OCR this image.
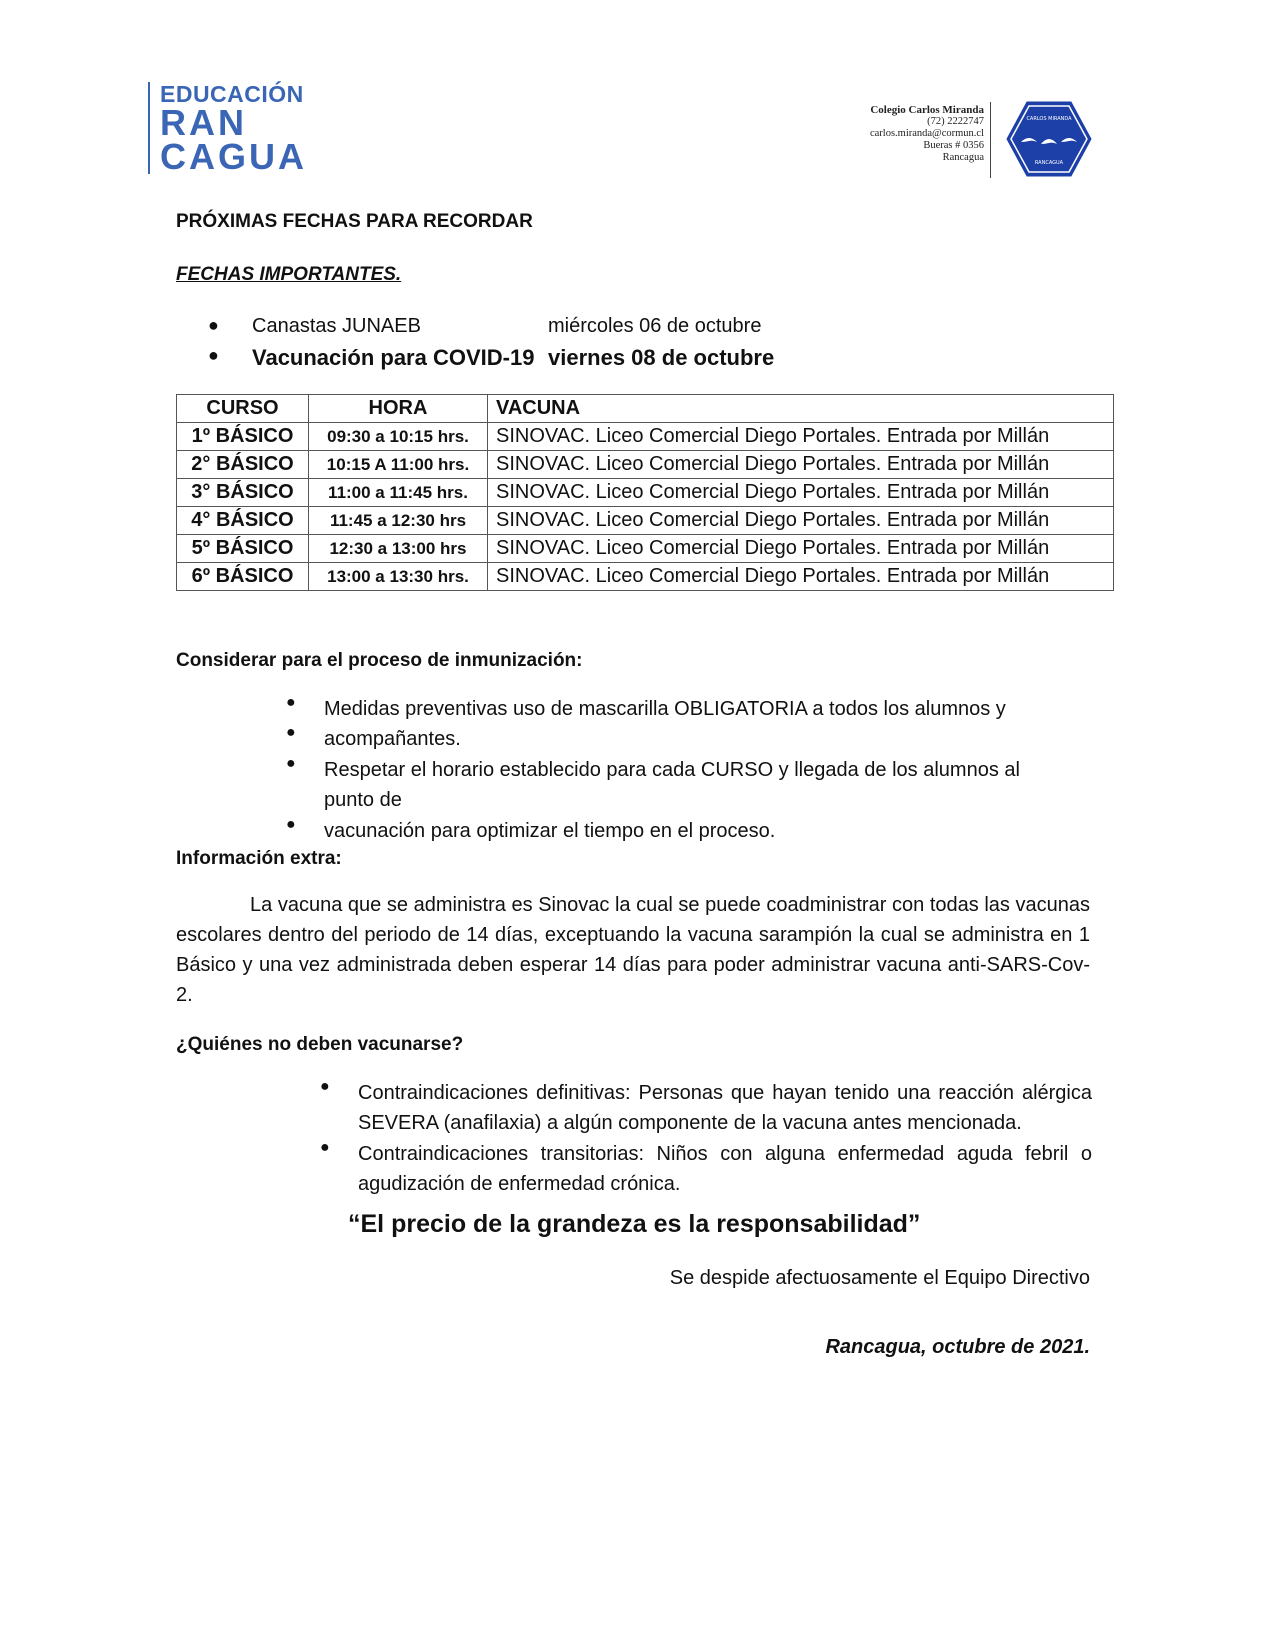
EDUCACIÓN
RAN
CAGUA
Colegio Carlos Miranda
(72) 2222747
carlos.miranda@cormun.cl
Bueras # 0356
Rancagua
CARLOS MIRANDA
RANCAGUA
PRÓXIMAS FECHAS PARA RECORDAR
FECHAS IMPORTANTES.
● Canastas JUNAEB	miércoles 06 de octubre
● Vacunación para COVID-19 viernes 08 de octubre
CURSO	HORA	VACUNA
1º BÁSICO	09:30 a 10:15 hrs.	SINOVAC. Liceo Comercial Diego Portales. Entrada por Millán
2° BÁSICO	10:15 A 11:00 hrs.	SINOVAC. Liceo Comercial Diego Portales. Entrada por Millán
3° BÁSICO	11:00 a 11:45 hrs.	SINOVAC. Liceo Comercial Diego Portales. Entrada por Millán
4° BÁSICO	11:45 a 12:30 hrs	SINOVAC. Liceo Comercial Diego Portales. Entrada por Millán
5º BÁSICO	12:30 a 13:00 hrs	SINOVAC. Liceo Comercial Diego Portales. Entrada por Millán
6º BÁSICO	13:00 a 13:30 hrs.	SINOVAC. Liceo Comercial Diego Portales. Entrada por Millán
Considerar para el proceso de inmunización:
● Medidas preventivas uso de mascarilla OBLIGATORIA a todos los alumnos y
● acompañantes.
● Respetar el horario establecido para cada CURSO y llegada de los alumnos al punto de
● vacunación para optimizar el tiempo en el proceso.
Información extra:
La vacuna que se administra es Sinovac la cual se puede coadministrar con todas las vacunas escolares dentro del periodo de 14 días, exceptuando la vacuna sarampión la cual se administra en 1 Básico y una vez administrada deben esperar 14 días para poder administrar vacuna anti-SARS-Cov-2.
¿Quiénes no deben vacunarse?
● Contraindicaciones definitivas: Personas que hayan tenido una reacción alérgica SEVERA (anafilaxia) a algún componente de la vacuna antes mencionada.
● Contraindicaciones transitorias: Niños con alguna enfermedad aguda febril o agudización de enfermedad crónica.
“El precio de la grandeza es la responsabilidad”
Se despide afectuosamente el Equipo Directivo
Rancagua, octubre de 2021.
